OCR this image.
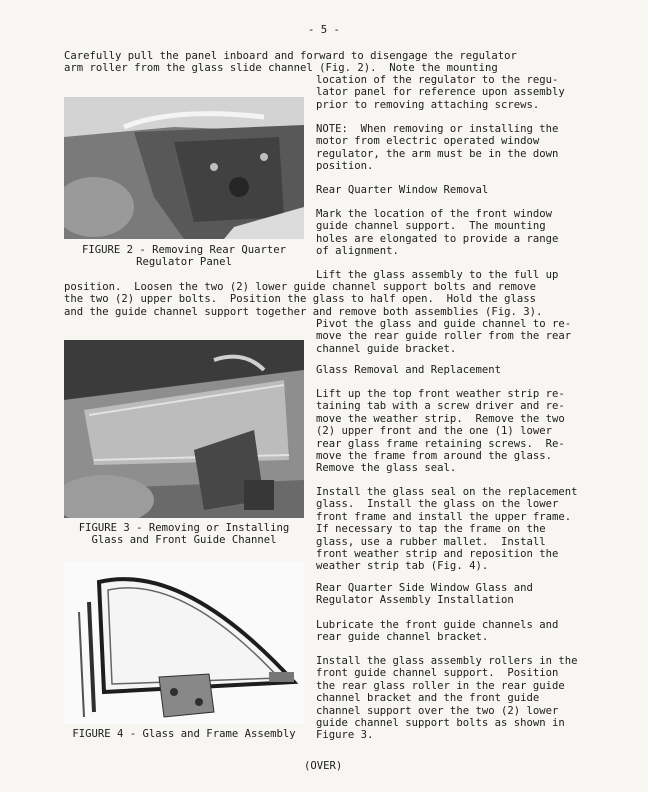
- 5 -

Carefully pull the panel inboard and forward to disengage the regulator

arm roller from the glass slide channel (Fig. 2).  Note the mounting

location of the regulator to the regu-
lator panel for reference upon assembly
prior to removing attaching screws.

FIGURE 2 - Removing Rear Quarter
Regulator Panel

NOTE:  When removing or installing the
motor from electric operated window
regulator, the arm must be in the down
position.

Rear Quarter Window Removal

Mark the location of the front window
guide channel support.  The mounting
holes are elongated to provide a range
of alignment.

Lift the glass assembly to the full up

position.  Loosen the two (2) lower guide channel support bolts and remove
the two (2) upper bolts.  Position the glass to half open.  Hold the glass
and the guide channel support together and remove both assemblies (Fig. 3).

Pivot the glass and guide channel to re-
move the rear guide roller from the rear
channel guide bracket.

FIGURE 3 - Removing or Installing
Glass and Front Guide Channel

Glass Removal and Replacement

Lift up the top front weather strip re-
taining tab with a screw driver and re-
move the weather strip.  Remove the two
(2) upper front and the one (1) lower
rear glass frame retaining screws.  Re-
move the frame from around the glass.
Remove the glass seal.

Install the glass seal on the replacement
glass.  Install the glass on the lower
front frame and install the upper frame.
If necessary to tap the frame on the
glass, use a rubber mallet.  Install
front weather strip and reposition the
weather strip tab (Fig. 4).

FIGURE 4 - Glass and Frame Assembly

Rear Quarter Side Window Glass and
Regulator Assembly Installation

Lubricate the front guide channels and
rear guide channel bracket.

Install the glass assembly rollers in the
front guide channel support.  Position
the rear glass roller in the rear guide
channel bracket and the front guide
channel support over the two (2) lower
guide channel support bolts as shown in
Figure 3.

(OVER)
